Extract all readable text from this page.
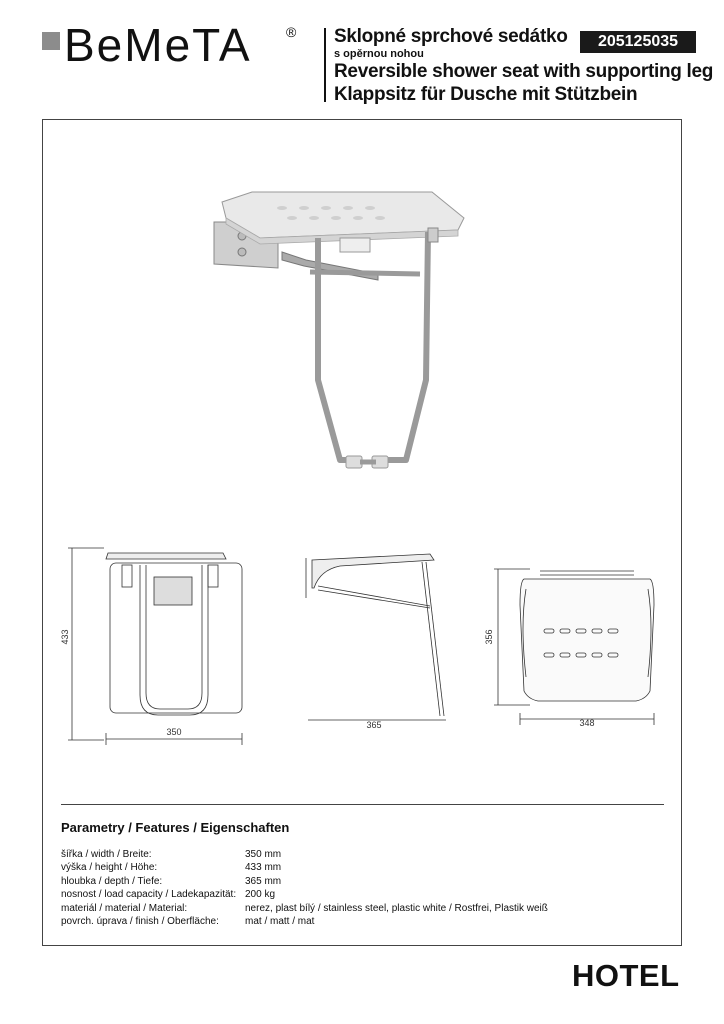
BeMeTA ® Sklopné sprchové sedátko
s opěrnou nohou
Reversible shower seat with supporting leg
Klappsitz für Dusche mit Stützbein
205125035
433
350
365
356
348
Parametry / Features / Eigenschaften
šířka / width / Breite:	350 mm
výška / height / Höhe:	433 mm
hloubka / depth / Tiefe:	365 mm
nosnost / load capacity / Ladekapazität:	200 kg
materiál / material / Material:	nerez, plast bílý / stainless steel, plastic white / Rostfrei, Plastik weiß
povrch. úprava / finish / Oberfläche:	mat / matt / mat
HOTEL
